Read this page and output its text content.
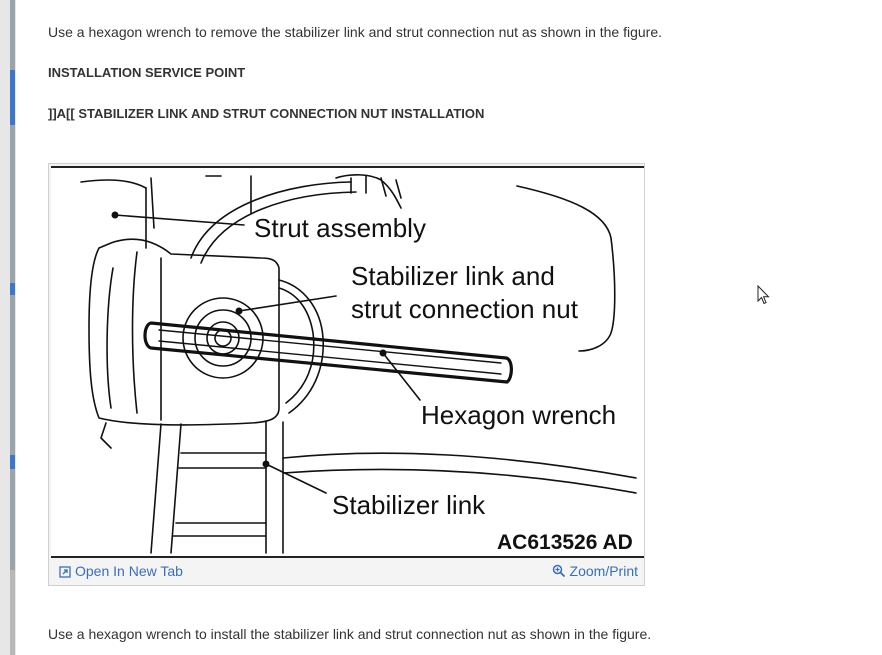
Use a hexagon wrench to remove the stabilizer link and strut connection nut as shown in the figure.
INSTALLATION SERVICE POINT
]]A[[ STABILIZER LINK AND STRUT CONNECTION NUT INSTALLATION
Use a hexagon wrench to install the stabilizer link and strut connection nut as shown in the figure.
Strut assembly
Stabilizer link and
strut connection nut
Hexagon wrench
Stabilizer link
AC613526 AD
Open In New Tab	Zoom/Print
